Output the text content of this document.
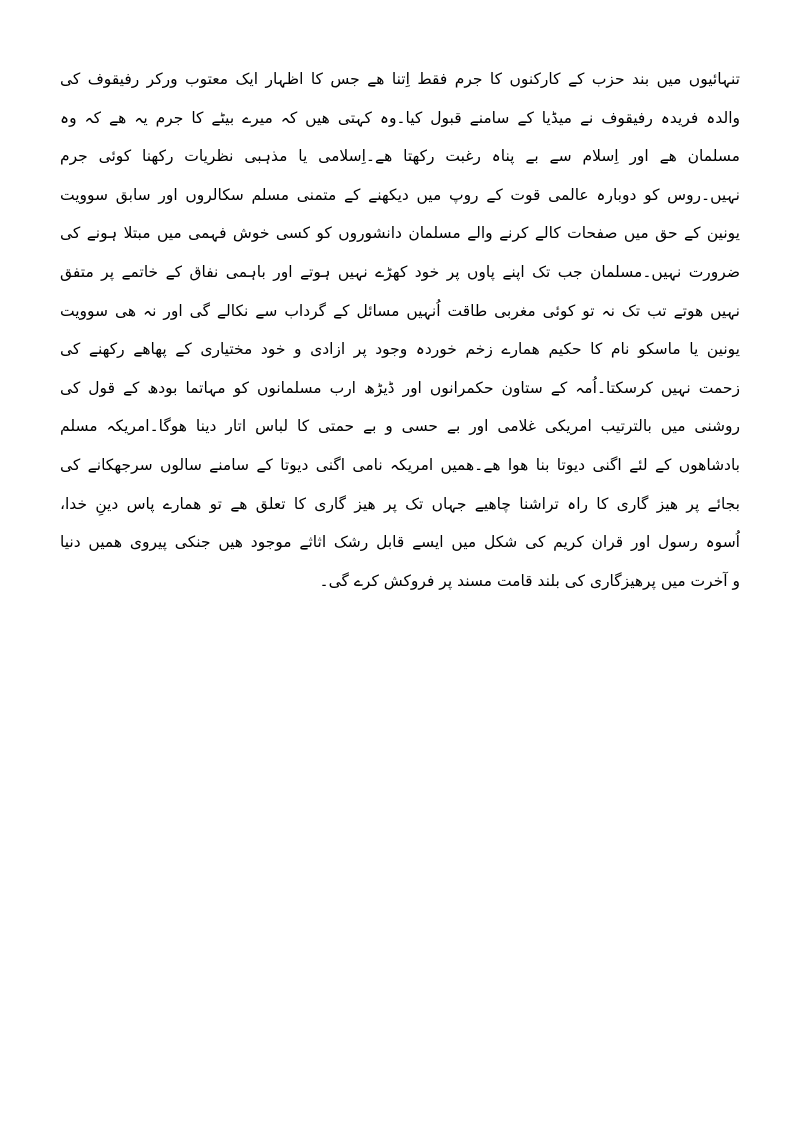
تنہائیوں میں بند حزب کے کارکنوں کا جرم فقط اِتنا ھے جس کا اظہار ایک معتوب ورکر رفیقوف کی
والدہ فریدہ رفیقوف نے میڈیا کے سامنے قبول کیا۔وہ کہتی ھیں کہ میرے بیٹے کا جرم یہ ھے کہ وہ
مسلمان ھے اور اِسلام سے بے پناہ رغبت رکھتا ھے۔اِسلامی یا مذہبی نظریات رکھنا کوئی جرم
نہیں۔روس کو دوبارہ عالمی قوت کے روپ میں دیکھنے کے متمنی مسلم سکالروں اور سابق سوویت
یونین کے حق میں صفحات کالے کرنے والے مسلمان دانشوروں کو کسی خوش فہمی میں مبتلا ہونے کی
ضرورت نہیں۔مسلمان جب تک اپنے پاوں پر خود کھڑے نہیں ہوتے اور باہمی نفاق کے خاتمے پر متفق
نہیں ھوتے تب تک نہ تو کوئی مغربی طاقت اُنہیں مسائل کے گرداب سے نکالے گی اور نہ ھی سوویت
یونین یا ماسکو نام کا حکیم ھمارے زخم خوردہ وجود پر ازادی و خود مختیاری کے پھاھے رکھنے کی
زحمت نہیں کرسکتا۔اُمہ کے ستاون حکمرانوں اور ڈیڑھ ارب مسلمانوں کو مہاتما بودھ کے قول کی
روشنی میں بالترتیب امریکی غلامی اور بے حسی و بے حمتی کا لباس اتار دینا ھوگا۔امریکہ مسلم
بادشاھوں کے لئے اگنی دیوتا بنا ھوا ھے۔ھمیں امریکہ نامی اگنی دیوتا کے سامنے سالوں سرجھکانے کی
بجائے پر ھیز گاری کا راہ تراشنا چاھیے جہاں تک پر ھیز گاری کا تعلق ھے تو ھمارے پاس دینِ خدا،
اُسوہ رسول اور قران کریم کی شکل میں ایسے قابل رشک اثاثے موجود ھیں جنکی پیروی ھمیں دنیا
و آخرت میں پرھیزگاری کی بلند قامت مسند پر فروکش کرے گی۔
